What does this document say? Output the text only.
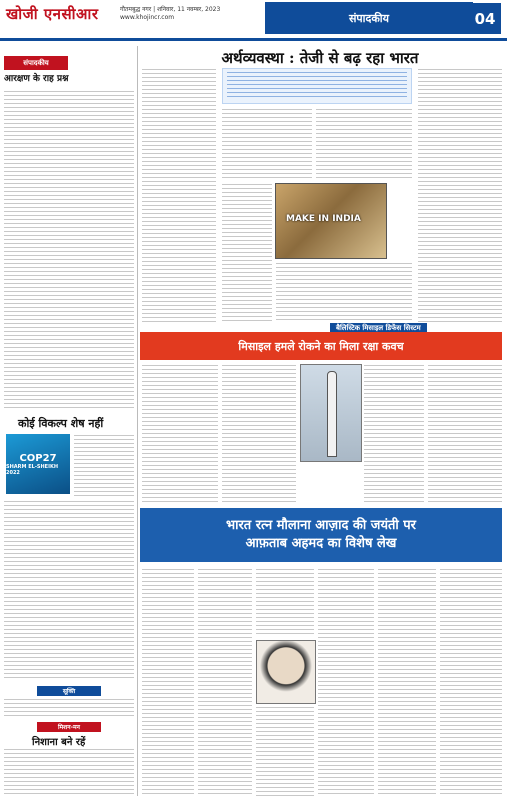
खोजी एनसीआर	गौतमबुद्ध नगर | शनिवार, 11 नवम्बर, 2023
www.khojincr.com	संपादकीय	04
संपादकीय
आरक्षण के राह प्रश्न
कोई विकल्प शेष नहीं
COP27
SHARM EL-SHEIKH 2022
सूक्ति
मिशन-मन
निशाना बने रहें
अर्थव्यवस्था : तेजी से बढ़ रहा भारत
MAKE IN INDIA
बैलिस्टिक मिसाइल डिफेंस सिस्टम
मिसाइल हमले रोकने का मिला रक्षा कवच
भारत रत्न मौलाना आज़ाद की जयंती पर
आफ़ताब अहमद का विशेष लेख
